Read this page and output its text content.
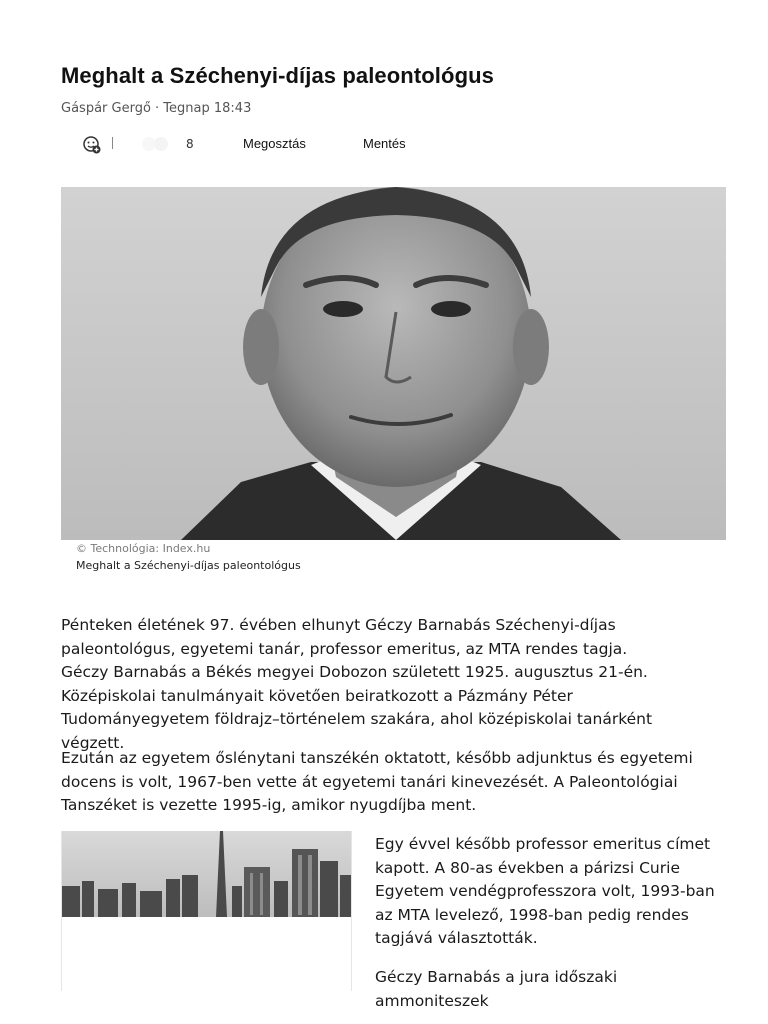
Meghalt a Széchenyi-díjas paleontológus
Gáspár Gergő · Tegnap 18:43
8	Megosztás	Mentés
© Technológia: Index.hu
Meghalt a Széchenyi-díjas paleontológus
Pénteken életének 97. évében elhunyt Géczy Barnabás Széchenyi-díjas paleontológus, egyetemi tanár, professor emeritus, az MTA rendes tagja.
Géczy Barnabás a Békés megyei Dobozon született 1925. augusztus 21-én. Középiskolai tanulmányait követően beiratkozott a Pázmány Péter Tudományegyetem földrajz–történelem szakára, ahol középiskolai tanárként végzett.
Ezután az egyetem őslénytani tanszékén oktatott, később adjunktus és egyetemi docens is volt, 1967-ben vette át egyetemi tanári kinevezését. A Paleontológiai Tanszéket is vezette 1995-ig, amikor nyugdíjba ment.
Egy évvel később professor emeritus címet kapott. A 80-as években a párizsi Curie Egyetem vendégprofesszora volt, 1993-ban az MTA levelező, 1998-ban pedig rendes tagjává választották.
Géczy Barnabás a jura időszaki ammoniteszek
